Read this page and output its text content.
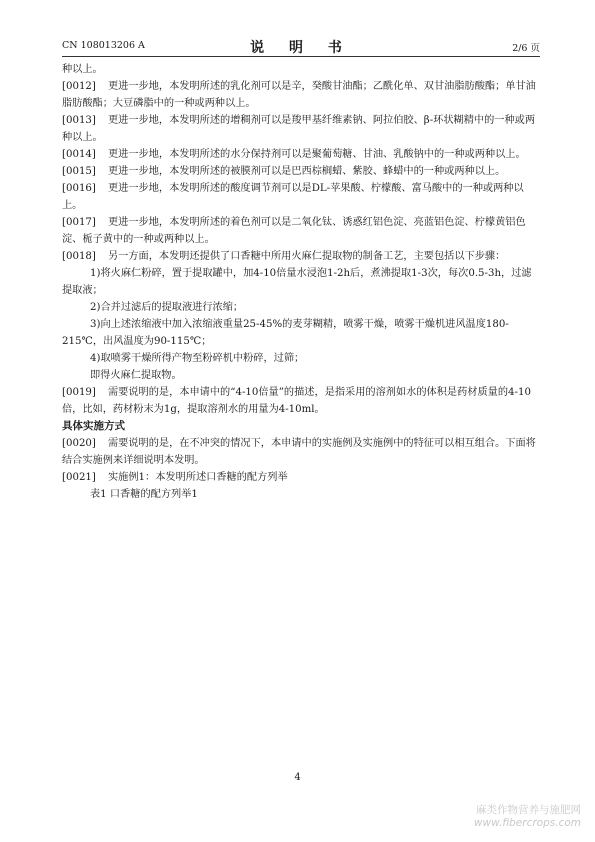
CN 108013206 A	说 明 书	2/6 页

种以上。

[0012] 更进一步地，本发明所述的乳化剂可以是辛，癸酸甘油酯；乙酰化单、双甘油脂肪酸酯；单甘油脂肪酸酯；大豆磷脂中的一种或两种以上。

[0013] 更进一步地，本发明所述的增稠剂可以是羧甲基纤维素钠、阿拉伯胶、β-环状糊精中的一种或两种以上。

[0014] 更进一步地，本发明所述的水分保持剂可以是聚葡萄糖、甘油、乳酸钠中的一种或两种以上。

[0015] 更进一步地，本发明所述的被膜剂可以是巴西棕榈蜡、紫胶、蜂蜡中的一种或两种以上。

[0016] 更进一步地，本发明所述的酸度调节剂可以是DL-苹果酸、柠檬酸、富马酸中的一种或两种以上。

[0017] 更进一步地，本发明所述的着色剂可以是二氧化钛、诱惑红铝色淀、亮蓝铝色淀、柠檬黄铝色淀、栀子黄中的一种或两种以上。

[0018] 另一方面，本发明还提供了口香糖中所用火麻仁提取物的制备工艺，主要包括以下步骤：

1)将火麻仁粉碎，置于提取罐中，加4-10倍量水浸泡1-2h后，煮沸提取1-3次，每次0.5-3h，过滤提取液；

2)合并过滤后的提取液进行浓缩；

3)向上述浓缩液中加入浓缩液重量25-45%的麦芽糊精，喷雾干燥，喷雾干燥机进风温度180-215℃，出风温度为90-115℃；

4)取喷雾干燥所得产物至粉碎机中粉碎，过筛；

即得火麻仁提取物。

[0019] 需要说明的是，本申请中的“4-10倍量”的描述，是指采用的溶剂如水的体积是药材质量的4-10倍，比如，药材粉末为1g，提取溶剂水的用量为4-10ml。

具体实施方式

[0020] 需要说明的是，在不冲突的情况下，本申请中的实施例及实施例中的特征可以相互组合。下面将结合实施例来详细说明本发明。

[0021] 实施例1：本发明所述口香糖的配方列举

表1 口香糖的配方列举1

4
麻类作物营养与施肥网
www.fibercrops.com
